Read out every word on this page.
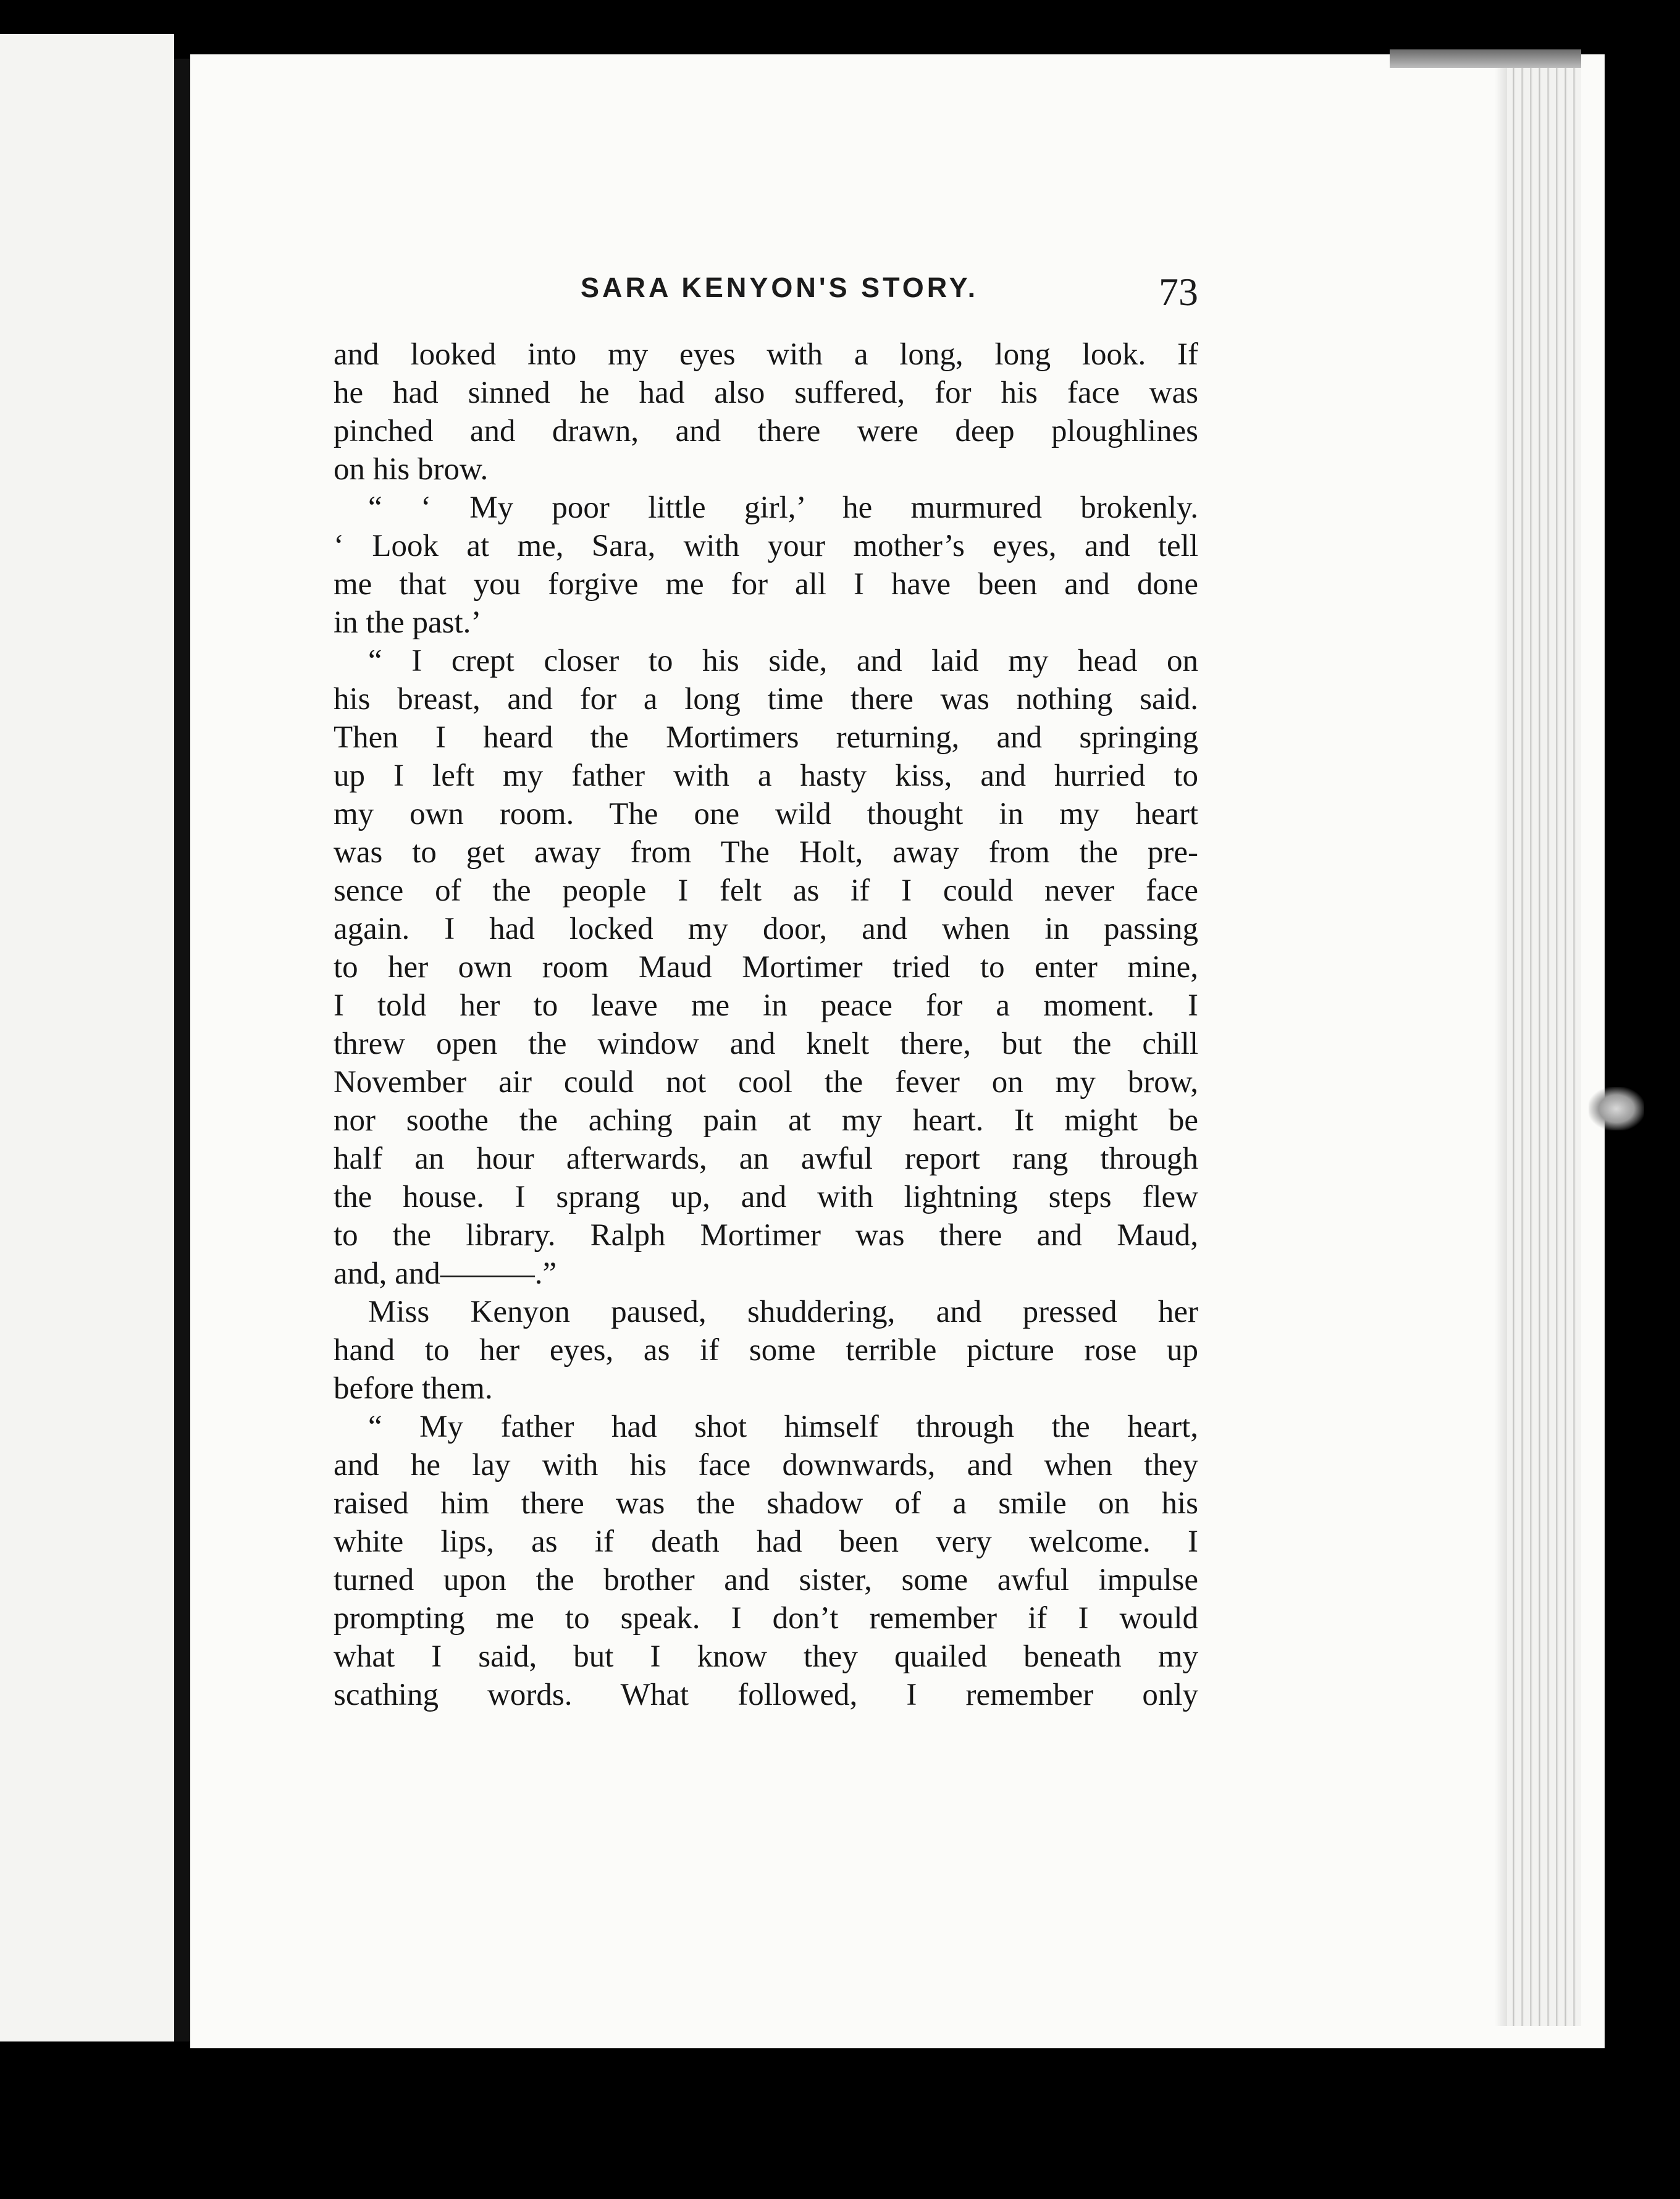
SARA KENYON'S STORY.	73
and looked into my eyes with a long, long look. If
he had sinned he had also suffered, for his face was
pinched and drawn, and there were deep ploughlines
on his brow.
“ ‘ My poor little girl,’ he murmured brokenly.
‘ Look at me, Sara, with your mother’s eyes, and tell
me that you forgive me for all I have been and done
in the past.’
“ I crept closer to his side, and laid my head on
his breast, and for a long time there was nothing said.
Then I heard the Mortimers returning, and springing
up I left my father with a hasty kiss, and hurried to
my own room. The one wild thought in my heart
was to get away from The Holt, away from the pre-
sence of the people I felt as if I could never face
again. I had locked my door, and when in passing
to her own room Maud Mortimer tried to enter mine,
I told her to leave me in peace for a moment. I
threw open the window and knelt there, but the chill
November air could not cool the fever on my brow,
nor soothe the aching pain at my heart. It might be
half an hour afterwards, an awful report rang through
the house. I sprang up, and with lightning steps flew
to the library. Ralph Mortimer was there and Maud,
and, and———.”
Miss Kenyon paused, shuddering, and pressed her
hand to her eyes, as if some terrible picture rose up
before them.
“ My father had shot himself through the heart,
and he lay with his face downwards, and when they
raised him there was the shadow of a smile on his
white lips, as if death had been very welcome. I
turned upon the brother and sister, some awful impulse
prompting me to speak. I don’t remember if I would
what I said, but I know they quailed beneath my
scathing words. What followed, I remember only
